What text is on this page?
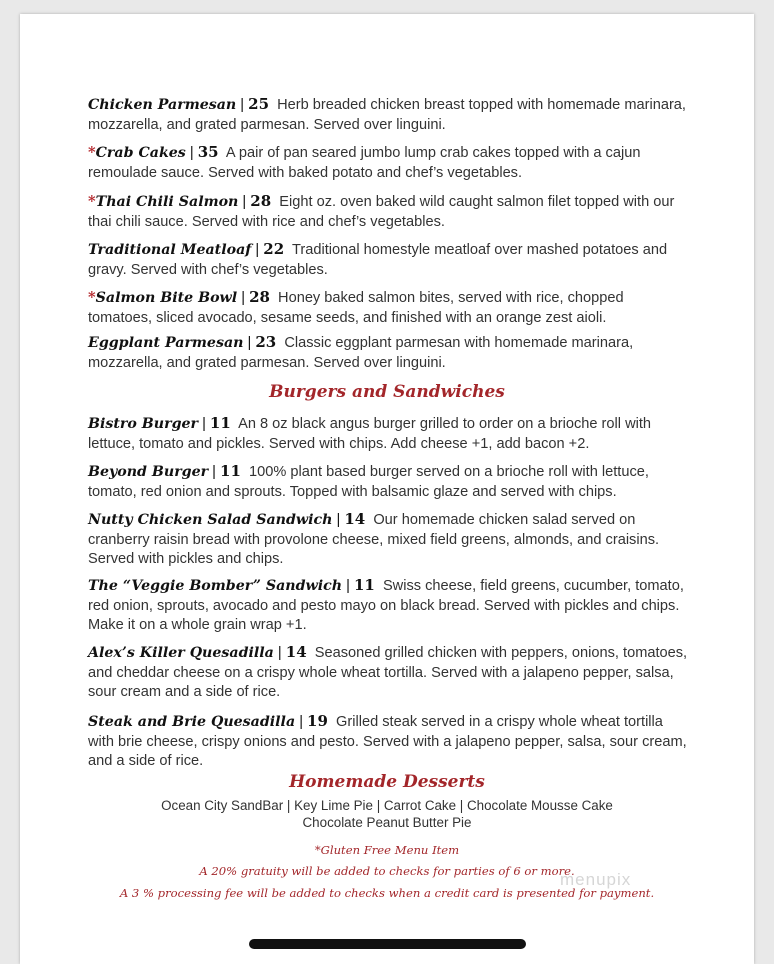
Chicken Parmesan | 25 Herb breaded chicken breast topped with homemade marinara, mozzarella, and grated parmesan. Served over linguini.
*Crab Cakes | 35 A pair of pan seared jumbo lump crab cakes topped with a cajun remoulade sauce. Served with baked potato and chef’s vegetables.
*Thai Chili Salmon | 28 Eight oz. oven baked wild caught salmon filet topped with our thai chili sauce. Served with rice and chef’s vegetables.
Traditional Meatloaf | 22 Traditional homestyle meatloaf over mashed potatoes and gravy. Served with chef’s vegetables.
*Salmon Bite Bowl | 28 Honey baked salmon bites, served with rice, chopped tomatoes, sliced avocado, sesame seeds, and finished with an orange zest aioli.
Eggplant Parmesan | 23 Classic eggplant parmesan with homemade marinara, mozzarella, and grated parmesan. Served over linguini.
Burgers and Sandwiches
Bistro Burger | 11 An 8 oz black angus burger grilled to order on a brioche roll with lettuce, tomato and pickles. Served with chips. Add cheese +1, add bacon +2.
Beyond Burger | 11 100% plant based burger served on a brioche roll with lettuce, tomato, red onion and sprouts. Topped with balsamic glaze and served with chips.
Nutty Chicken Salad Sandwich | 14 Our homemade chicken salad served on cranberry raisin bread with provolone cheese, mixed field greens, almonds, and craisins. Served with pickles and chips.
The “Veggie Bomber” Sandwich | 11 Swiss cheese, field greens, cucumber, tomato, red onion, sprouts, avocado and pesto mayo on black bread. Served with pickles and chips. Make it on a whole grain wrap +1.
Alex’s Killer Quesadilla | 14 Seasoned grilled chicken with peppers, onions, tomatoes, and cheddar cheese on a crispy whole wheat tortilla. Served with a jalapeno pepper, salsa, sour cream and a side of rice.
Steak and Brie Quesadilla | 19 Grilled steak served in a crispy whole wheat tortilla with brie cheese, crispy onions and pesto. Served with a jalapeno pepper, salsa, sour cream, and a side of rice.
Homemade Desserts
Ocean City SandBar | Key Lime Pie | Carrot Cake | Chocolate Mousse Cake
Chocolate Peanut Butter Pie
*Gluten Free Menu Item
A 20% gratuity will be added to checks for parties of 6 or more.
A 3 % processing fee will be added to checks when a credit card is presented for payment.
menupix
